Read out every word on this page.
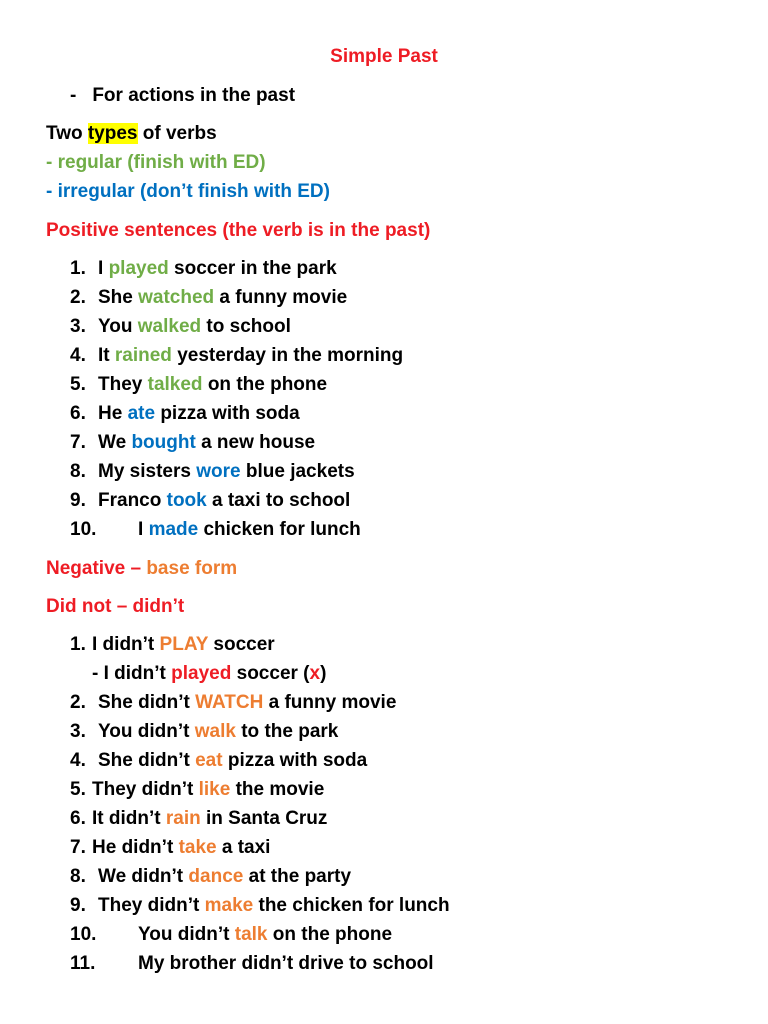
Simple Past
- For actions in the past
Two types of verbs
- regular (finish with ED)
- irregular (don’t finish with ED)
Positive sentences (the verb is in the past)
1. I played soccer in the park
2. She watched a funny movie
3. You walked to school
4. It rained yesterday in the morning
5. They talked on the phone
6. He ate pizza with soda
7. We bought a new house
8. My sisters wore blue jackets
9. Franco took a taxi to school
10. I made chicken for lunch
Negative – base form
Did not – didn’t
1. I didn’t PLAY soccer
- I didn’t played soccer (x)
2. She didn’t WATCH a funny movie
3. You didn’t walk to the park
4. She didn’t eat pizza with soda
5. They didn’t like the movie
6. It didn’t rain in Santa Cruz
7. He didn’t take a taxi
8. We didn’t dance at the party
9. They didn’t make the chicken for lunch
10. You didn’t talk on the phone
11. My brother didn’t drive to school
